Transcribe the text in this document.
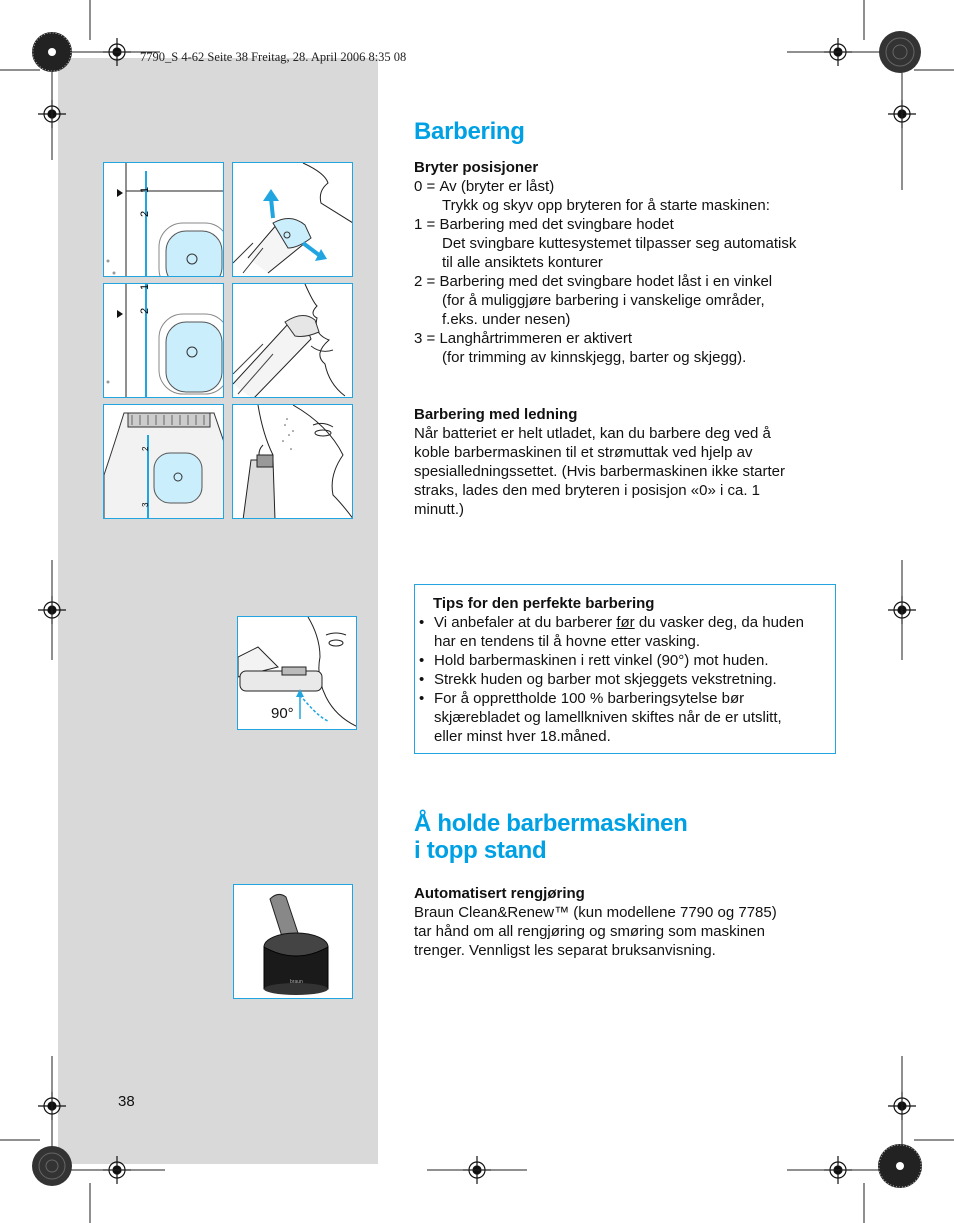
7790_S 4-62 Seite 38 Freitag, 28. April 2006 8:35 08
1
2
1
2
2
3
90°
braun
Barbering
Bryter posisjoner
0 = Av (bryter er låst)
Trykk og skyv opp bryteren for å starte maskinen:
1 = Barbering med det svingbare hodet
Det svingbare kuttesystemet tilpasser seg automatisk
til alle ansiktets konturer
2 = Barbering med det svingbare hodet låst i en vinkel
(for å muliggjøre barbering i vanskelige områder,
f.eks. under nesen)
3 = Langhårtrimmeren er aktivert
(for trimming av kinnskjegg, barter og skjegg).
Barbering med ledning
Når batteriet er helt utladet, kan du barbere deg ved å
koble barbermaskinen til et strømuttak ved hjelp av
spesialledningssettet. (Hvis barbermaskinen ikke starter
straks, lades den med bryteren i posisjon «0» i ca. 1
minutt.)
Tips for den perfekte barbering
• Vi anbefaler at du barberer før du vasker deg, da huden
har en tendens til å hovne etter vasking.
• Hold barbermaskinen i rett vinkel (90°) mot huden.
• Strekk huden og barber mot skjeggets vekstretning.
• For å opprettholde 100 % barberingsytelse bør
skjærebladet og lamellkniven skiftes når de er utslitt,
eller minst hver 18.måned.
Å holde barbermaskinen
i topp stand
Automatisert rengjøring
Braun Clean&Renew™ (kun modellene 7790 og 7785)
tar hånd om all rengjøring og smøring som maskinen
trenger. Vennligst les separat bruksanvisning.
38
